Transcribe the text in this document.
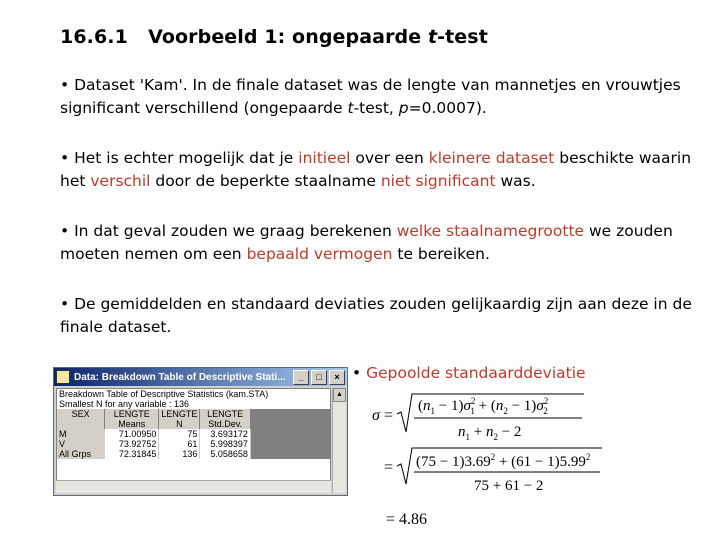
16.6.1 Voorbeeld 1: ongepaarde t-test
• Dataset 'Kam'. In de finale dataset was de lengte van mannetjes en vrouwtjes significant verschillend (ongepaarde t-test, p=0.0007).
• Het is echter mogelijk dat je initieel over een kleinere dataset beschikte waarin het verschil door de beperkte staalname niet significant was.
• In dat geval zouden we graag berekenen welke staalnamegrootte we zouden moeten nemen om een bepaald vermogen te bereiken.
• De gemiddelden en standaard deviaties zouden gelijkaardig zijn aan deze in de finale dataset.
Data: Breakdown Table of Descriptive Stati...	_	□	×
Breakdown Table of Descriptive Statistics (kam.STA)
Smallest N for any variable : 136
SEX	LENGTE	LENGTE	LENGTE	
	Means	N	Std.Dev.	
M	71.00950	75	3.693172	
V	73.92752	61	5.998397	
All Grps	72.31845	136	5.058658	
▲
• Gepoolde standaarddeviatie
σ =
$(n_1 - 1)\sigma^2$ $1 + (n_2 - 1)\sigma^2$ 2
$n_1 + n_2 - 2$
= $(75 - 1)3.69^2 + (61 - 1)5.99^2$
75 + 61 − 2
= 4.86
